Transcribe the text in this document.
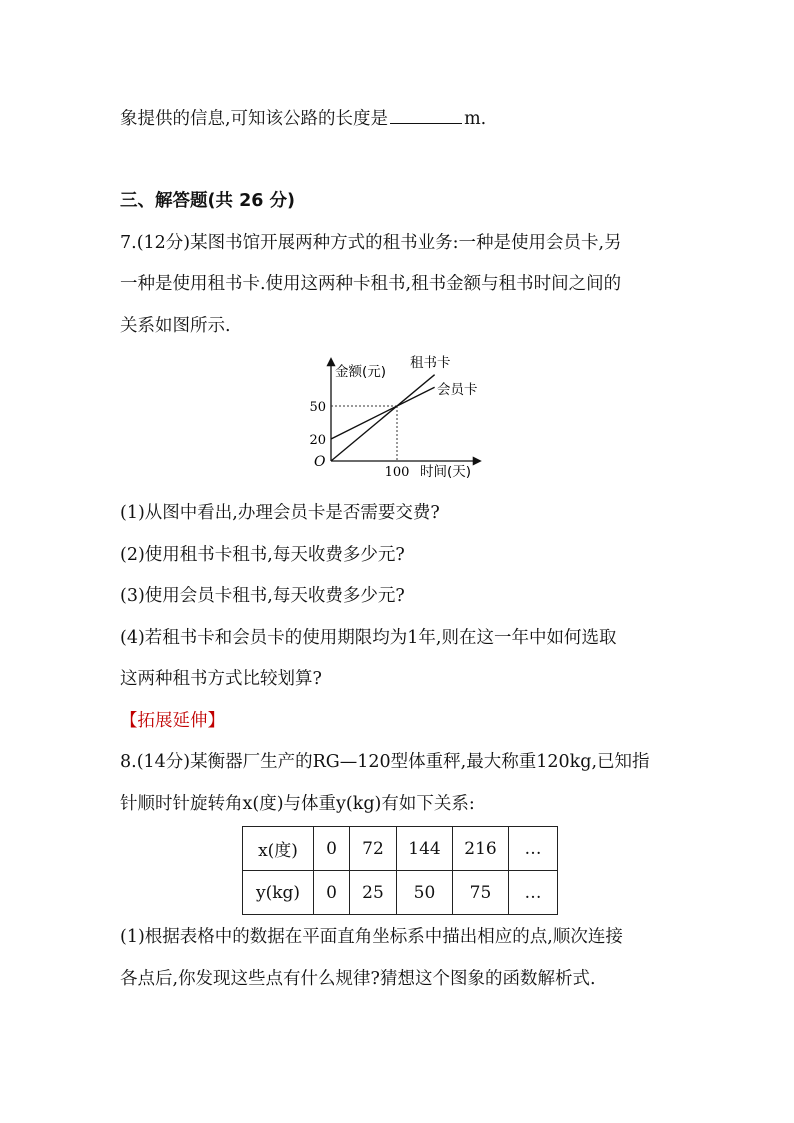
象提供的信息,可知该公路的长度是	m.
三、解答题(共 26 分)
7.(12分)某图书馆开展两种方式的租书业务:一种是使用会员卡,另
一种是使用租书卡.使用这两种卡租书,租书金额与租书时间之间的
关系如图所示.
金额(元)
时间(天)
O
50
20
100
租书卡
会员卡
(1)从图中看出,办理会员卡是否需要交费?
(2)使用租书卡租书,每天收费多少元?
(3)使用会员卡租书,每天收费多少元?
(4)若租书卡和会员卡的使用期限均为1年,则在这一年中如何选取
这两种租书方式比较划算?
【拓展延伸】
8.(14分)某衡器厂生产的RG—120型体重秤,最大称重120kg,已知指
针顺时针旋转角x(度)与体重y(kg)有如下关系:
x(度)	0	72	144	216	…
y(kg)	0	25	50	75	…
(1)根据表格中的数据在平面直角坐标系中描出相应的点,顺次连接
各点后,你发现这些点有什么规律?猜想这个图象的函数解析式.
